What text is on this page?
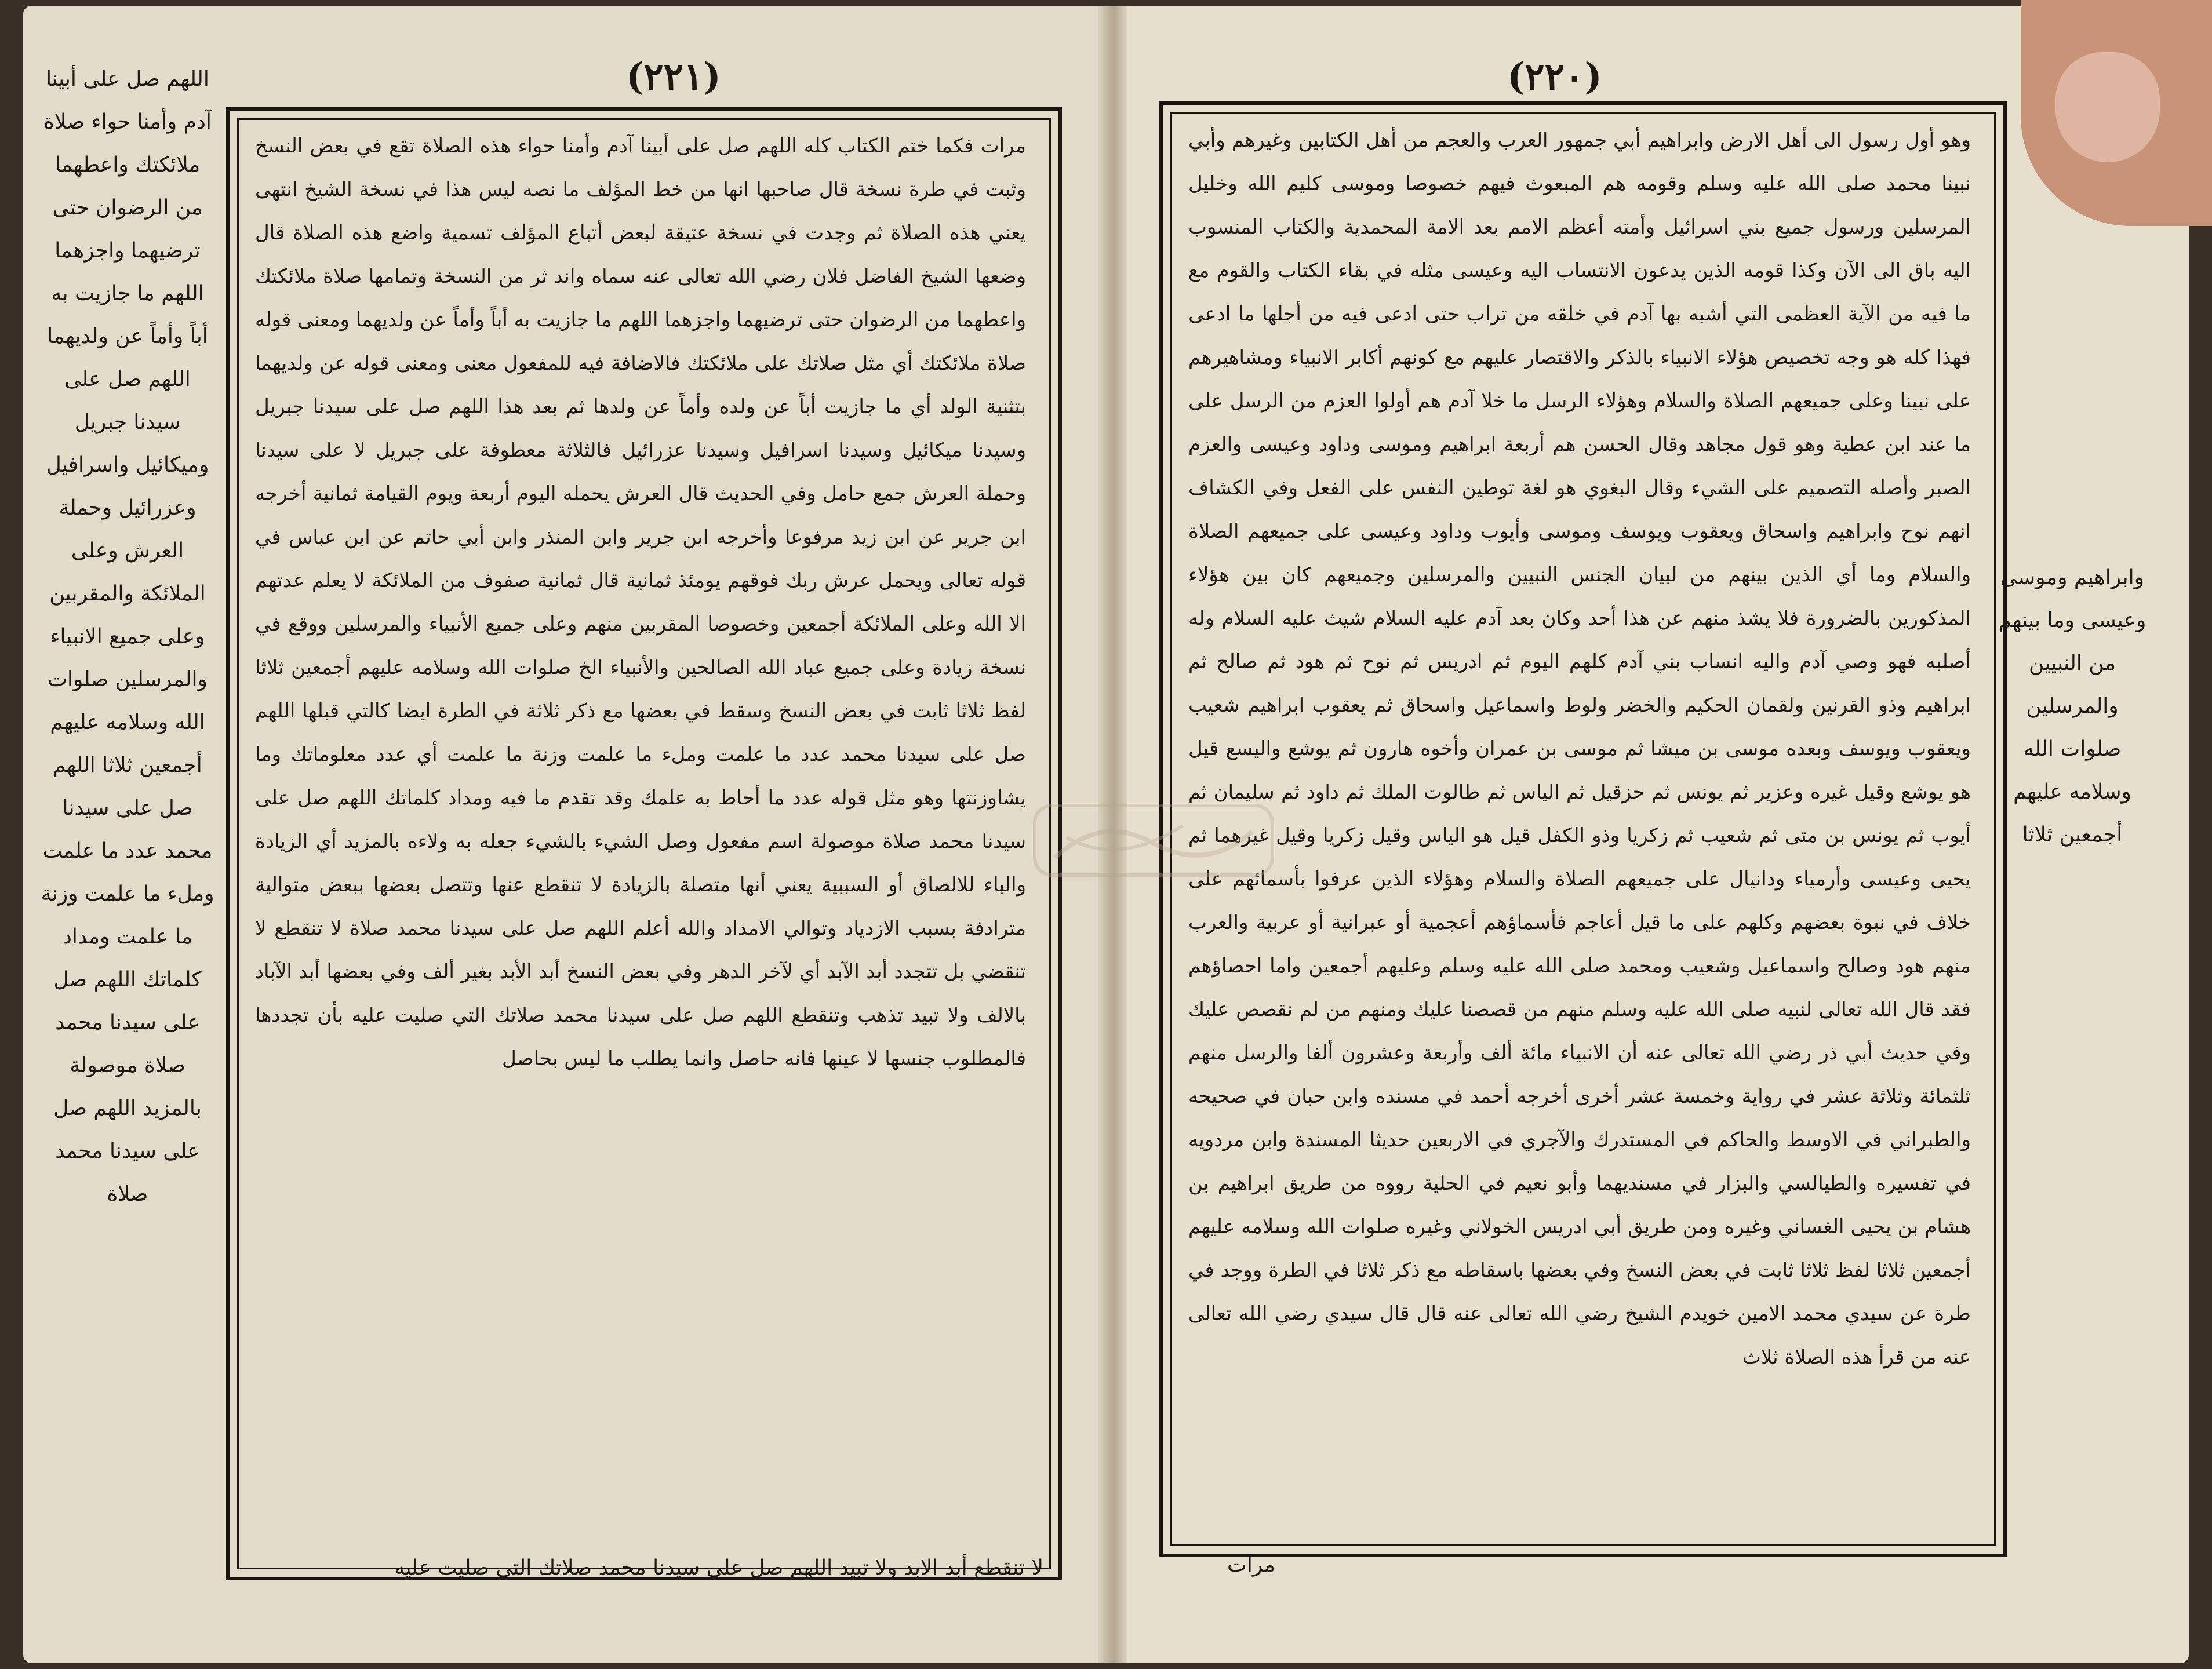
(٢٢١)
مرات فكما ختم الكتاب كله اللهم صل على أبينا آدم وأمنا حواء هذه الصلاة تقع في بعض النسخ وثبت في طرة نسخة قال صاحبها انها من خط المؤلف ما نصه ليس هذا في نسخة الشيخ انتهى يعني هذه الصلاة ثم وجدت في نسخة عتيقة لبعض أتباع المؤلف تسمية واضع هذه الصلاة قال وضعها الشيخ الفاضل فلان رضي الله تعالى عنه سماه واند ثر من النسخة وتمامها صلاة ملائكتك واعطهما من الرضوان حتى ترضيهما واجزهما اللهم ما جازيت به أباً وأماً عن ولديهما ومعنى قوله صلاة ملائكتك أي مثل صلاتك على ملائكتك فالاضافة فيه للمفعول معنى ومعنى قوله عن ولديهما بتثنية الولد أي ما جازيت أباً عن ولده وأماً عن ولدها ثم بعد هذا اللهم صل على سيدنا جبريل وسيدنا ميكائيل وسيدنا اسرافيل وسيدنا عزرائيل فالثلاثة معطوفة على جبريل لا على سيدنا وحملة العرش جمع حامل وفي الحديث قال العرش يحمله اليوم أربعة ويوم القيامة ثمانية أخرجه ابن جرير عن ابن زيد مرفوعا وأخرجه ابن جرير وابن المنذر وابن أبي حاتم عن ابن عباس في قوله تعالى ويحمل عرش ربك فوقهم يومئذ ثمانية قال ثمانية صفوف من الملائكة لا يعلم عدتهم الا الله وعلى الملائكة أجمعين وخصوصا المقربين منهم وعلى جميع الأنبياء والمرسلين ووقع في نسخة زيادة وعلى جميع عباد الله الصالحين والأنبياء الخ صلوات الله وسلامه عليهم أجمعين ثلاثا لفظ ثلاثا ثابت في بعض النسخ وسقط في بعضها مع ذكر ثلاثة في الطرة ايضا كالتي قبلها اللهم صل على سيدنا محمد عدد ما علمت وملء ما علمت وزنة ما علمت أي عدد معلوماتك وما يشاوزنتها وهو مثل قوله عدد ما أحاط به علمك وقد تقدم ما فيه ومداد كلماتك اللهم صل على سيدنا محمد صلاة موصولة اسم مفعول وصل الشيء بالشيء جعله به ولاءه بالمزيد أي الزيادة والباء للالصاق أو السببية يعني أنها متصلة بالزيادة لا تنقطع عنها وتتصل بعضها ببعض متوالية مترادفة بسبب الازدياد وتوالي الامداد والله أعلم اللهم صل على سيدنا محمد صلاة لا تنقطع لا تنقضي بل تتجدد أبد الآبد أي لآخر الدهر وفي بعض النسخ أبد الأبد بغير ألف وفي بعضها أبد الآباد بالالف ولا تبيد تذهب وتنقطع اللهم صل على سيدنا محمد صلاتك التي صليت عليه بأن تجددها فالمطلوب جنسها لا عينها فانه حاصل وانما يطلب ما ليس بحاصل
اللهم صل على أبينا آدم وأمنا حواء صلاة ملائكتك واعطهما من الرضوان حتى ترضيهما واجزهما اللهم ما جازيت به أباً وأماً عن ولديهما اللهم صل على سيدنا جبريل وميكائيل واسرافيل وعزرائيل وحملة العرش وعلى الملائكة والمقربين وعلى جميع الانبياء والمرسلين صلوات الله وسلامه عليهم أجمعين ثلاثا اللهم صل على سيدنا محمد عدد ما علمت وملء ما علمت وزنة ما علمت ومداد كلماتك اللهم صل على سيدنا محمد صلاة موصولة بالمزيد اللهم صل على سيدنا محمد صلاة
لا تنقطع أبد الابد ولا تبيد اللهم صل على سيدنا محمد صلاتك التي صليت عليه
(٢٢٠)
وهو أول رسول الى أهل الارض وابراهيم أبي جمهور العرب والعجم من أهل الكتابين وغيرهم وأبي نبينا محمد صلى الله عليه وسلم وقومه هم المبعوث فيهم خصوصا وموسى كليم الله وخليل المرسلين ورسول جميع بني اسرائيل وأمته أعظم الامم بعد الامة المحمدية والكتاب المنسوب اليه باق الى الآن وكذا قومه الذين يدعون الانتساب اليه وعيسى مثله في بقاء الكتاب والقوم مع ما فيه من الآية العظمى التي أشبه بها آدم في خلقه من تراب حتى ادعى فيه من أجلها ما ادعى فهذا كله هو وجه تخصيص هؤلاء الانبياء بالذكر والاقتصار عليهم مع كونهم أكابر الانبياء ومشاهيرهم على نبينا وعلى جميعهم الصلاة والسلام وهؤلاء الرسل ما خلا آدم هم أولوا العزم من الرسل على ما عند ابن عطية وهو قول مجاهد وقال الحسن هم أربعة ابراهيم وموسى وداود وعيسى والعزم الصبر وأصله التصميم على الشيء وقال البغوي هو لغة توطين النفس على الفعل وفي الكشاف انهم نوح وابراهيم واسحاق ويعقوب ويوسف وموسى وأيوب وداود وعيسى على جميعهم الصلاة والسلام وما أي الذين بينهم من لبيان الجنس النبيين والمرسلين وجميعهم كان بين هؤلاء المذكورين بالضرورة فلا يشذ منهم عن هذا أحد وكان بعد آدم عليه السلام شيث عليه السلام وله أصلبه فهو وصي آدم واليه انساب بني آدم كلهم اليوم ثم ادريس ثم نوح ثم هود ثم صالح ثم ابراهيم وذو القرنين ولقمان الحكيم والخضر ولوط واسماعيل واسحاق ثم يعقوب ابراهيم شعيب ويعقوب ويوسف وبعده موسى بن ميشا ثم موسى بن عمران وأخوه هارون ثم يوشع واليسع قيل هو يوشع وقيل غيره وعزير ثم يونس ثم حزقيل ثم الياس ثم طالوت الملك ثم داود ثم سليمان ثم أيوب ثم يونس بن متى ثم شعيب ثم زكريا وذو الكفل قيل هو الياس وقيل زكريا وقيل غيرهما ثم يحيى وعيسى وأرمياء ودانيال على جميعهم الصلاة والسلام وهؤلاء الذين عرفوا بأسمائهم على خلاف في نبوة بعضهم وكلهم على ما قيل أعاجم فأسماؤهم أعجمية أو عبرانية أو عربية والعرب منهم هود وصالح واسماعيل وشعيب ومحمد صلى الله عليه وسلم وعليهم أجمعين واما احصاؤهم فقد قال الله تعالى لنبيه صلى الله عليه وسلم منهم من قصصنا عليك ومنهم من لم نقصص عليك وفي حديث أبي ذر رضي الله تعالى عنه أن الانبياء مائة ألف وأربعة وعشرون ألفا والرسل منهم ثلثمائة وثلاثة عشر في رواية وخمسة عشر أخرى أخرجه أحمد في مسنده وابن حبان في صحيحه والطبراني في الاوسط والحاكم في المستدرك والآجري في الاربعين حديثا المسندة وابن مردويه في تفسيره والطيالسي والبزار في مسنديهما وأبو نعيم في الحلية رووه من طريق ابراهيم بن هشام بن يحيى الغساني وغيره ومن طريق أبي ادريس الخولاني وغيره صلوات الله وسلامه عليهم أجمعين ثلاثا لفظ ثلاثا ثابت في بعض النسخ وفي بعضها باسقاطه مع ذكر ثلاثا في الطرة ووجد في طرة عن سيدي محمد الامين خويدم الشيخ رضي الله تعالى عنه قال قال سيدي رضي الله تعالى عنه من قرأ هذه الصلاة ثلاث
وابراهيم وموسى وعيسى وما بينهم من النبيين والمرسلين صلوات الله وسلامه عليهم أجمعين ثلاثا
مرات
